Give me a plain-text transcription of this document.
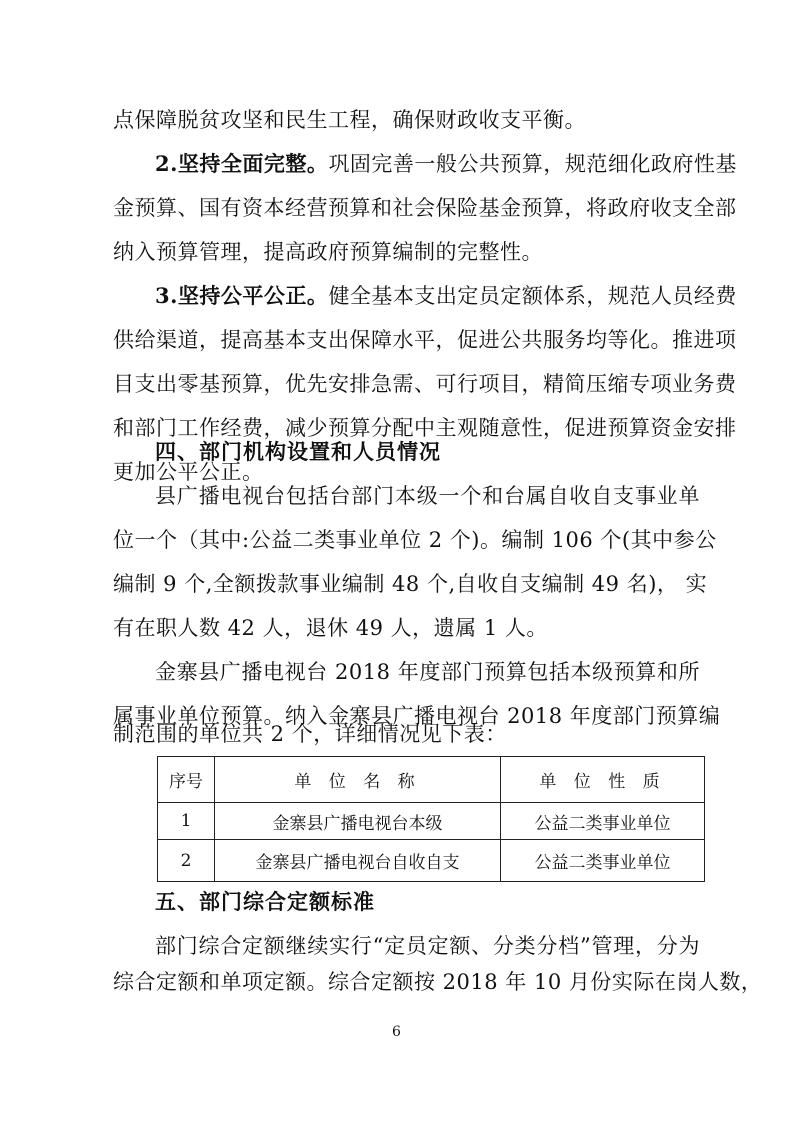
点保障脱贫攻坚和民生工程，确保财政收支平衡。
2.坚持全面完整。巩固完善一般公共预算，规范细化政府性基
金预算、国有资本经营预算和社会保险基金预算，将政府收支全部
纳入预算管理，提高政府预算编制的完整性。
3.坚持公平公正。健全基本支出定员定额体系，规范人员经费
供给渠道，提高基本支出保障水平，促进公共服务均等化。推进项
目支出零基预算，优先安排急需、可行项目，精简压缩专项业务费
和部门工作经费，减少预算分配中主观随意性，促进预算资金安排
更加公平公正。
四、部门机构设置和人员情况
县广播电视台包括台部门本级一个和台属自收自支事业单
位一个（其中:公益二类事业单位 2 个)。编制 106 个(其中参公
编制 9 个,全额拨款事业编制 48 个,自收自支编制 49 名)， 实
有在职人数 42 人，退休 49 人，遗属 1 人。
金寨县广播电视台 2018 年度部门预算包括本级预算和所
属事业单位预算。纳入金寨县广播电视台 2018 年度部门预算编
制范围的单位共 2 个，详细情况见下表：
序号	单 位 名 称	单 位 性 质
1	金寨县广播电视台本级	公益二类事业单位
2	金寨县广播电视台自收自支	公益二类事业单位
五、部门综合定额标准
部门综合定额继续实行“定员定额、分类分档”管理，分为
综合定额和单项定额。综合定额按 2018 年 10 月份实际在岗人数，
6
